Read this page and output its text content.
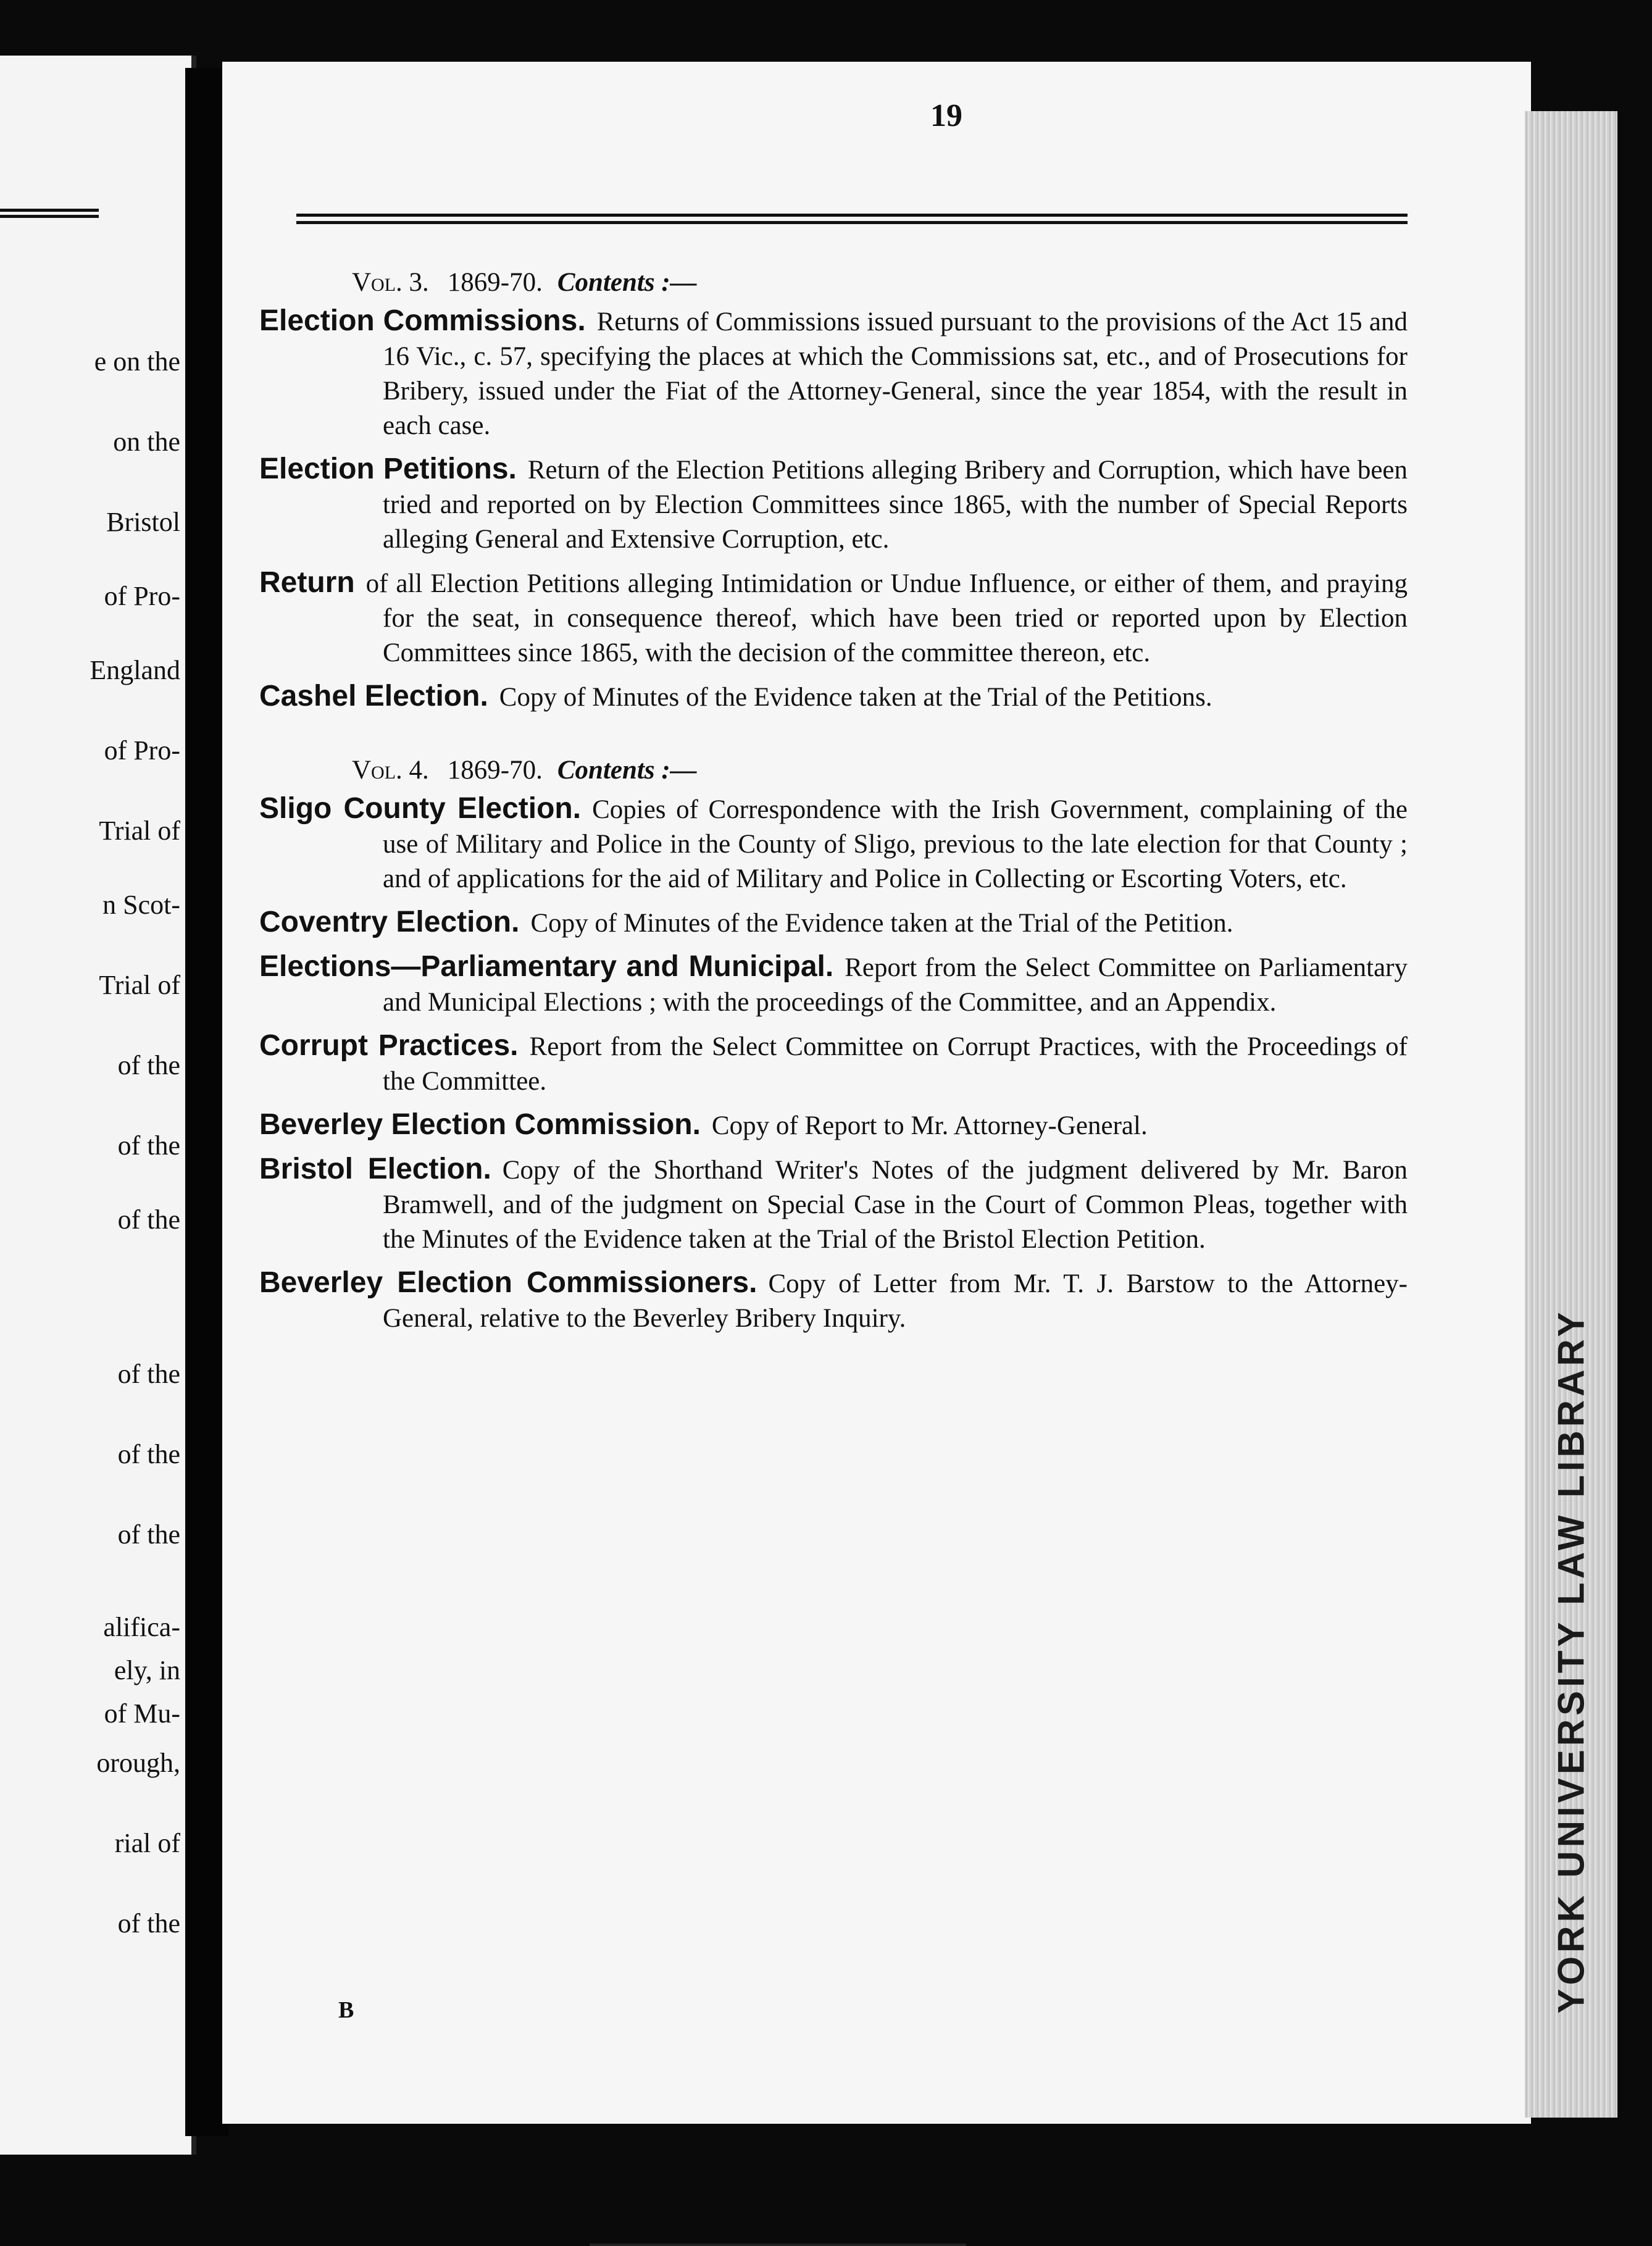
e on the
on the
Bristol
of Pro-
England
of Pro-
Trial of
n Scot-
Trial of
of the
of the
of the
of the
of the
of the
alifica-
ely, in
of Mu-
orough,
rial of
of the	YORK UNIVERSITY LAW LIBRARY
19

Vol. 3. 1869-70. Contents :—

Election Commissions. Returns of Commissions issued pursuant to the provisions of the Act 15 and 16 Vic., c. 57, specifying the places at which the Commissions sat, etc., and of Prosecutions for Bribery, issued under the Fiat of the Attorney-General, since the year 1854, with the result in each case.

Election Petitions. Return of the Election Petitions alleging Bribery and Corruption, which have been tried and reported on by Election Committees since 1865, with the number of Special Reports alleging General and Extensive Corruption, etc.

Return of all Election Petitions alleging Intimidation or Undue Influence, or either of them, and praying for the seat, in consequence thereof, which have been tried or reported upon by Election Committees since 1865, with the decision of the committee thereon, etc.

Cashel Election. Copy of Minutes of the Evidence taken at the Trial of the Petitions.

Vol. 4. 1869-70. Contents :—

Sligo County Election. Copies of Correspondence with the Irish Government, complaining of the use of Military and Police in the County of Sligo, previous to the late election for that County ; and of applications for the aid of Military and Police in Collecting or Escorting Voters, etc.

Coventry Election. Copy of Minutes of the Evidence taken at the Trial of the Petition.

Elections—Parliamentary and Municipal. Report from the Select Committee on Parliamentary and Municipal Elections ; with the proceedings of the Committee, and an Appendix.

Corrupt Practices. Report from the Select Committee on Corrupt Practices, with the Proceedings of the Committee.

Beverley Election Commission. Copy of Report to Mr. Attorney-General.

Bristol Election. Copy of the Shorthand Writer's Notes of the judgment delivered by Mr. Baron Bramwell, and of the judgment on Special Case in the Court of Common Pleas, together with the Minutes of the Evidence taken at the Trial of the Bristol Election Petition.

Beverley Election Commissioners. Copy of Letter from Mr. T. J. Barstow to the Attorney-General, relative to the Beverley Bribery Inquiry.

B
